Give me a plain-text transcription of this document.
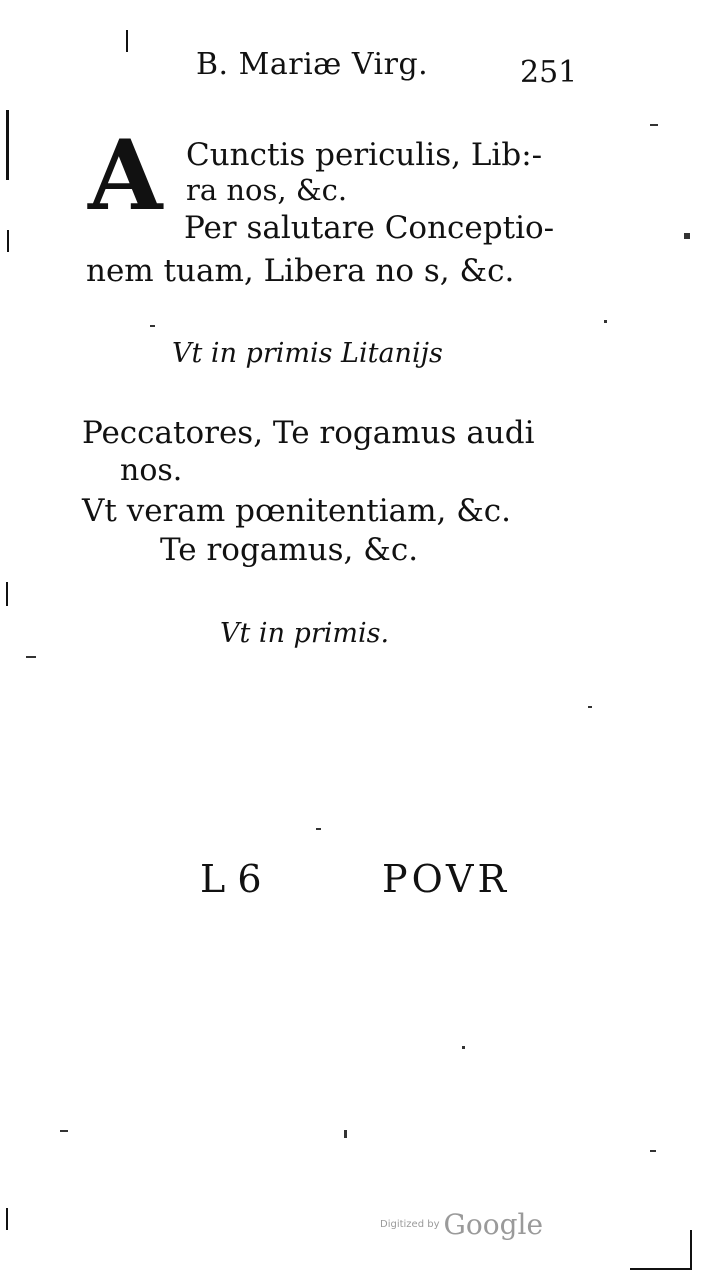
B. Mariæ Virg.	251
A Cunctis periculis, Lib:-
ra nos, &c.
Per salutare Conceptio-
nem tuam, Libera no s, &c.
Vt in primis Litanijs
Peccatores, Te rogamus audi
nos.
Vt veram pœnitentiam, &c.
Te rogamus, &c.
Vt in primis.
L 6	POVR
Digitized by Google
